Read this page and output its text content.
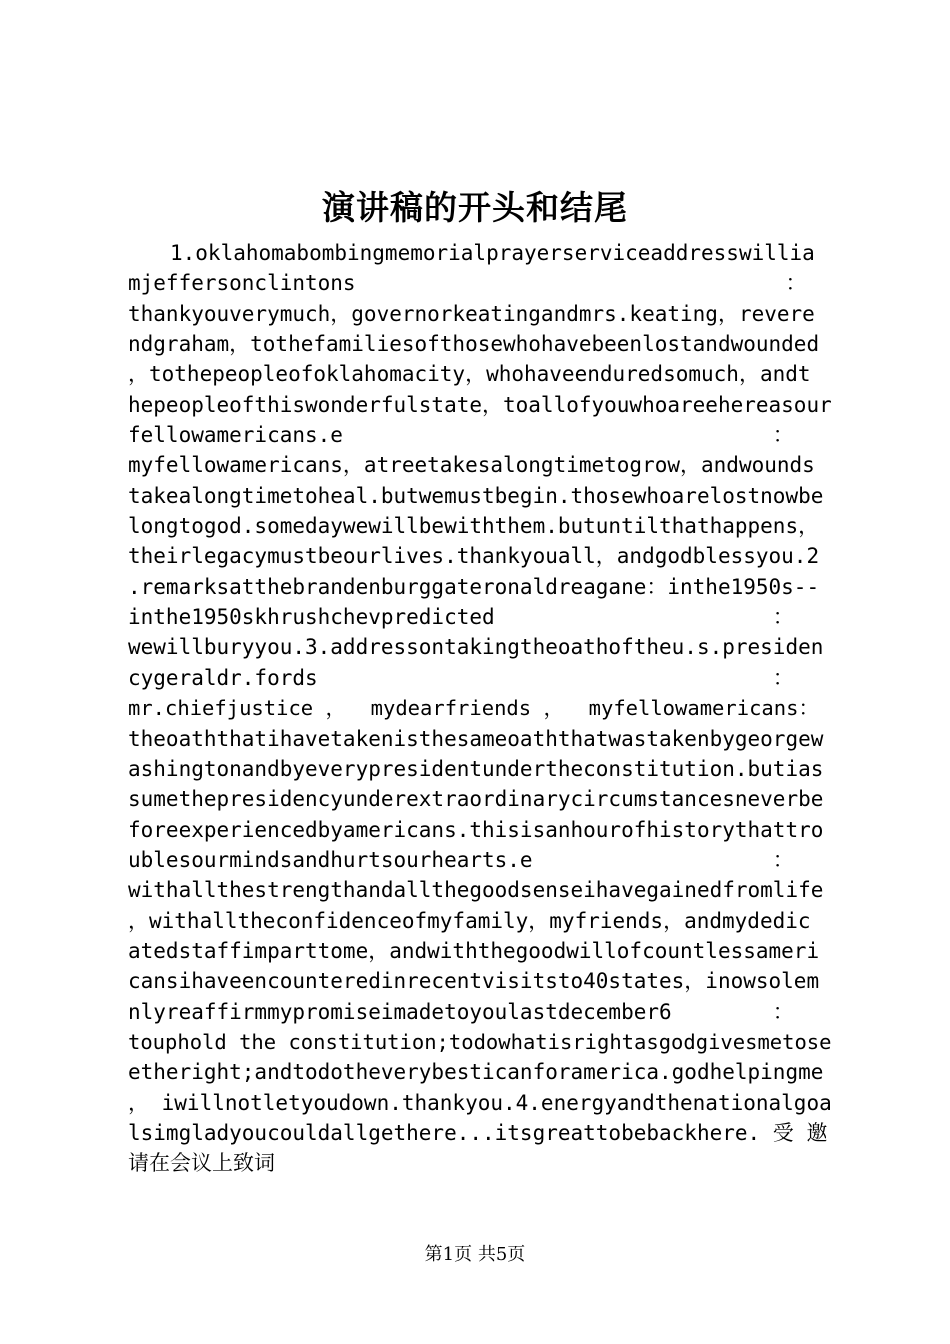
演讲稿的开头和结尾
　　1.oklahomabombingmemorialprayerserviceaddresswillia
mjeffersonclintons                                  ：
thankyouverymuch，governorkeatingandmrs.keating，revere
ndgraham，tothefamiliesofthosewhohavebeenlostandwounded
，tothepeopleofoklahomacity，whohaveenduredsomuch，andt
hepeopleofthiswonderfulstate，toallofyouwhoareehereasour
fellowamericans.e                                  ：
myfellowamericans，atreetakesalongtimetogrow，andwounds
takealongtimetoheal.butwemustbegin.thosewhoarelostnowbe
longtogod.somedaywewillbewiththem.butuntilthathappens，
theirlegacymustbeourlives.thankyouall，andgodblessyou.2
.remarksatthebrandenburggateronaldreagane：inthe1950s--
inthe1950skhrushchevpredicted                      ：
wewillburyyou.3.addressontakingtheoathoftheu.s.presiden
cygeraldr.fords                                    ：
mr.chiefjustice ，  mydearfriends ，  myfellowamericans：
theoaththatihavetakenisthesameoaththatwastakenbygeorgew
ashingtonandbyeverypresidentundertheconstitution.butias
sumethepresidencyunderextraordinarycircumstancesneverbe
foreexperiencedbyamericans.thisisanhourofhistorythattro
ublesourmindsandhurtsourhearts.e                   ：
withallthestrengthandallthegoodsenseihavegainedfromlife
，withalltheconfidenceofmyfamily，myfriends，andmydedic
atedstaffimparttome，andwiththegoodwillofcountlessameri
cansihaveencounteredinrecentvisitsto40states，inowsolem
nlyreaffirmmypromiseimadetoyoulastdecember6        ：
touphold the constitution;todowhatisrightasgodgivesmetose
etheright;andtodotheverybesticanforamerica.godhelpingme
， iwillnotletyoudown.thankyou.4.energyandthenationalgoa
lsimgladyoucouldallgethere...itsgreattobebackhere. 受 邀
请在会议上致词
第1页 共5页
